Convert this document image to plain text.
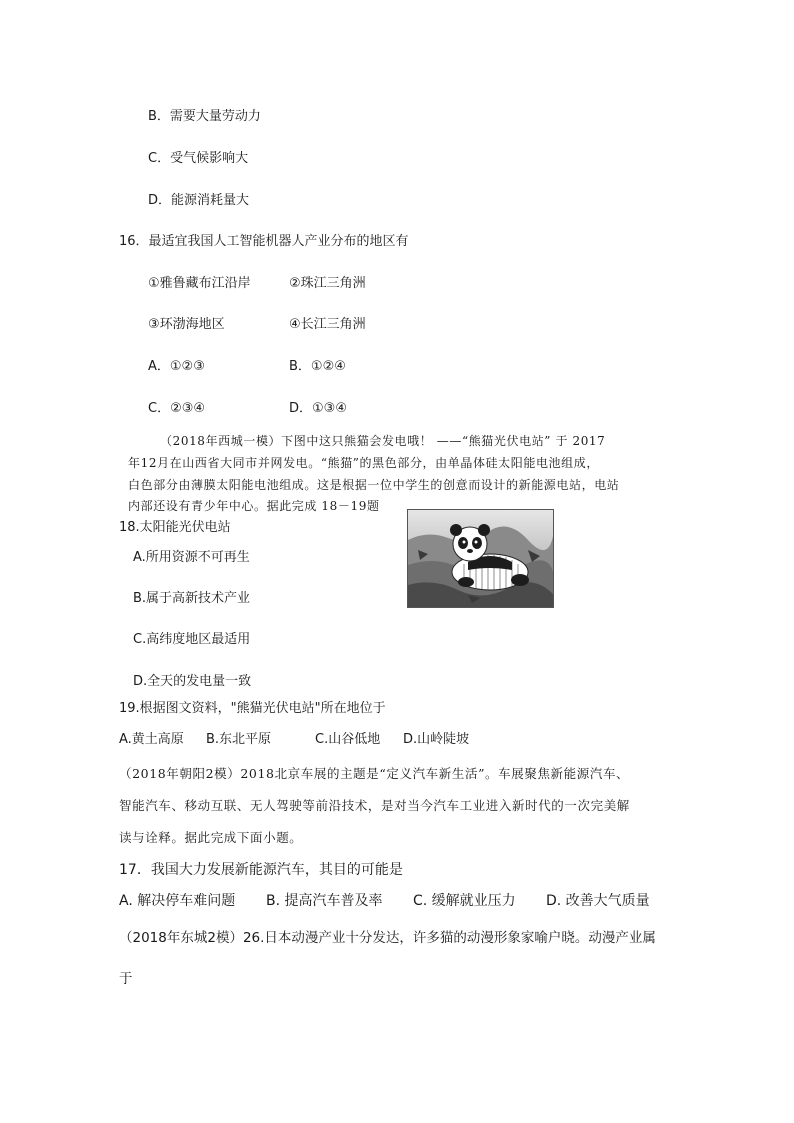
B．需要大量劳动力
C．受气候影响大
D．能源消耗量大
16．最适宜我国人工智能机器人产业分布的地区有
①雅鲁藏布江沿岸	②珠江三角洲
③环渤海地区	④长江三角洲
A．①②③	B．①②④
C．②③④	D．①③④
（2018年西城一模）下图中这只熊猫会发电哦！ ——“熊猫光伏电站” 于 2017
年12月在山西省大同市并网发电。“熊猫”的黑色部分，由单晶体硅太阳能电池组成，
白色部分由薄膜太阳能电池组成。这是根据一位中学生的创意而设计的新能源电站，电站
内部还设有青少年中心。据此完成 18－19题
18.太阳能光伏电站
A.所用资源不可再生
B.属于高新技术产业
C.高纬度地区最适用
D.全天的发电量一致
19.根据图文资料，"熊猫光伏电站"所在地位于
A.黄土高原 B.东北平原	C.山谷低地 D.山岭陡坡
（2018年朝阳2模）2018北京车展的主题是“定义汽车新生活”。车展聚焦新能源汽车、
智能汽车、移动互联、无人驾驶等前沿技术，是对当今汽车工业进入新时代的一次完美解
读与诠释。据此完成下面小题。
17．我国大力发展新能源汽车，其目的可能是
A. 解决停车难问题 B. 提高汽车普及率 C. 缓解就业压力 D. 改善大气质量
（2018年东城2模）26.日本动漫产业十分发达，许多猫的动漫形象家喻户晓。动漫产业属
于
